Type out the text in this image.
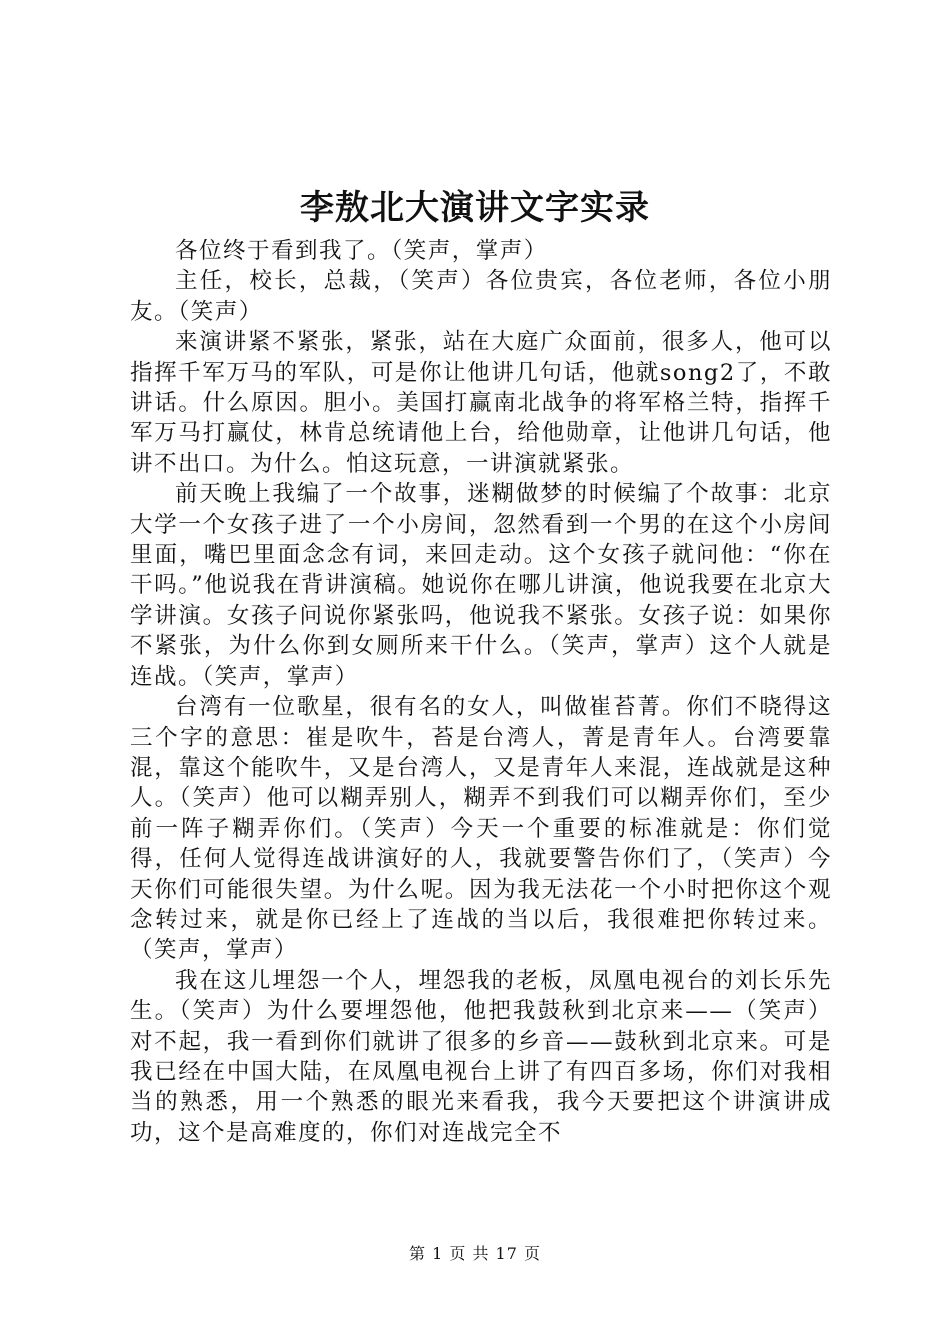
李敖北大演讲文字实录

各位终于看到我了。（笑声，掌声）

主任，校长，总裁，（笑声）各位贵宾，各位老师，各位小朋友。（笑声）

来演讲紧不紧张，紧张，站在大庭广众面前，很多人，他可以指挥千军万马的军队，可是你让他讲几句话，他就song2了，不敢讲话。什么原因。胆小。美国打赢南北战争的将军格兰特，指挥千军万马打赢仗，林肯总统请他上台，给他勋章，让他讲几句话，他讲不出口。为什么。怕这玩意，一讲演就紧张。

前天晚上我编了一个故事，迷糊做梦的时候编了个故事：北京大学一个女孩子进了一个小房间，忽然看到一个男的在这个小房间里面，嘴巴里面念念有词，来回走动。这个女孩子就问他：“你在干吗。”他说我在背讲演稿。她说你在哪儿讲演，他说我要在北京大学讲演。女孩子问说你紧张吗，他说我不紧张。女孩子说：如果你不紧张，为什么你到女厕所来干什么。（笑声，掌声）这个人就是连战。（笑声，掌声）

台湾有一位歌星，很有名的女人，叫做崔苔菁。你们不晓得这三个字的意思：崔是吹牛，苔是台湾人，菁是青年人。台湾要靠混，靠这个能吹牛，又是台湾人，又是青年人来混，连战就是这种人。（笑声）他可以糊弄别人，糊弄不到我们可以糊弄你们，至少前一阵子糊弄你们。（笑声）今天一个重要的标准就是：你们觉得，任何人觉得连战讲演好的人，我就要警告你们了，（笑声）今天你们可能很失望。为什么呢。因为我无法花一个小时把你这个观念转过来，就是你已经上了连战的当以后，我很难把你转过来。（笑声，掌声）

我在这儿埋怨一个人，埋怨我的老板，凤凰电视台的刘长乐先生。（笑声）为什么要埋怨他，他把我鼓秋到北京来——（笑声）对不起，我一看到你们就讲了很多的乡音——鼓秋到北京来。可是我已经在中国大陆，在凤凰电视台上讲了有四百多场，你们对我相当的熟悉，用一个熟悉的眼光来看我，我今天要把这个讲演讲成功，这个是高难度的，你们对连战完全不

第 1 页 共 17 页
